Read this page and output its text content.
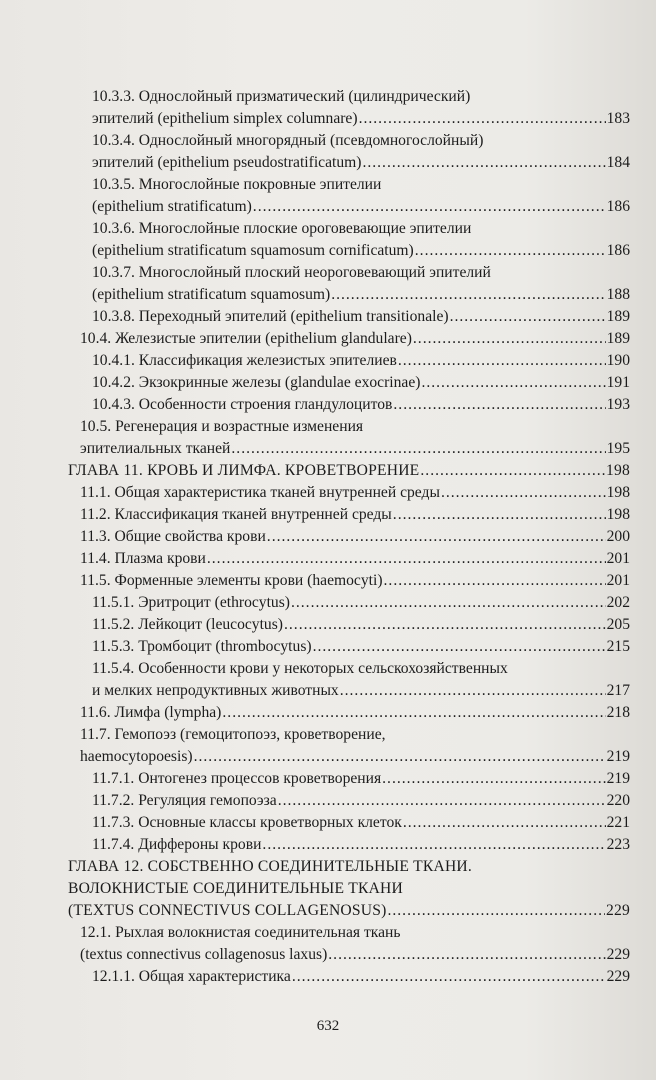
10.3.3. Однослойный призматический (цилиндрический)
эпителий (epithelium simplex columnare) .....	183
10.3.4. Однослойный многорядный (псевдомногослойный)
эпителий (epithelium pseudostratificatum) .....	184
10.3.5. Многослойные покровные эпителии
(epithelium stratificatum) .....	186
10.3.6. Многослойные плоские ороговевающие эпителии
(epithelium stratificatum squamosum cornificatum) .....	186
10.3.7. Многослойный плоский неороговевающий эпителий
(epithelium stratificatum squamosum) .....	188
10.3.8. Переходный эпителий (epithelium transitionale) .....	189
10.4. Железистые эпителии (epithelium glandulare) .....	189
10.4.1. Классификация железистых эпителиев .....	190
10.4.2. Экзокринные железы (glandulae exocrinae) .....	191
10.4.3. Особенности строения гландулоцитов .....	193
10.5. Регенерация и возрастные изменения
эпителиальных тканей .....	195
ГЛАВА 11. КРОВЬ И ЛИМФА. КРОВЕТВОРЕНИЕ .....	198
11.1. Общая характеристика тканей внутренней среды .....	198
11.2. Классификация тканей внутренней среды .....	198
11.3. Общие свойства крови .....	200
11.4. Плазма крови .....	201
11.5. Форменные элементы крови (haemocyti) .....	201
11.5.1. Эритроцит (ethrocytus) .....	202
11.5.2. Лейкоцит (leucocytus) .....	205
11.5.3. Тромбоцит (thrombocytus) .....	215
11.5.4. Особенности крови у некоторых сельскохозяйственных
и мелких непродуктивных животных .....	217
11.6. Лимфа (lympha) .....	218
11.7. Гемопоэз (гемоцитопоэз, кроветворение,
haemocytopoesis) .....	219
11.7.1. Онтогенез процессов кроветворения .....	219
11.7.2. Регуляция гемопоэза .....	220
11.7.3. Основные классы кроветворных клеток .....	221
11.7.4. Диффероны крови .....	223
ГЛАВА 12. СОБСТВЕННО СОЕДИНИТЕЛЬНЫЕ ТКАНИ.
ВОЛОКНИСТЫЕ СОЕДИНИТЕЛЬНЫЕ ТКАНИ
(TEXTUS CONNECTIVUS COLLAGENOSUS) .....	229
12.1. Рыхлая волокнистая соединительная ткань
(textus connectivus collagenosus laxus) .....	229
12.1.1. Общая характеристика .....	229
632
